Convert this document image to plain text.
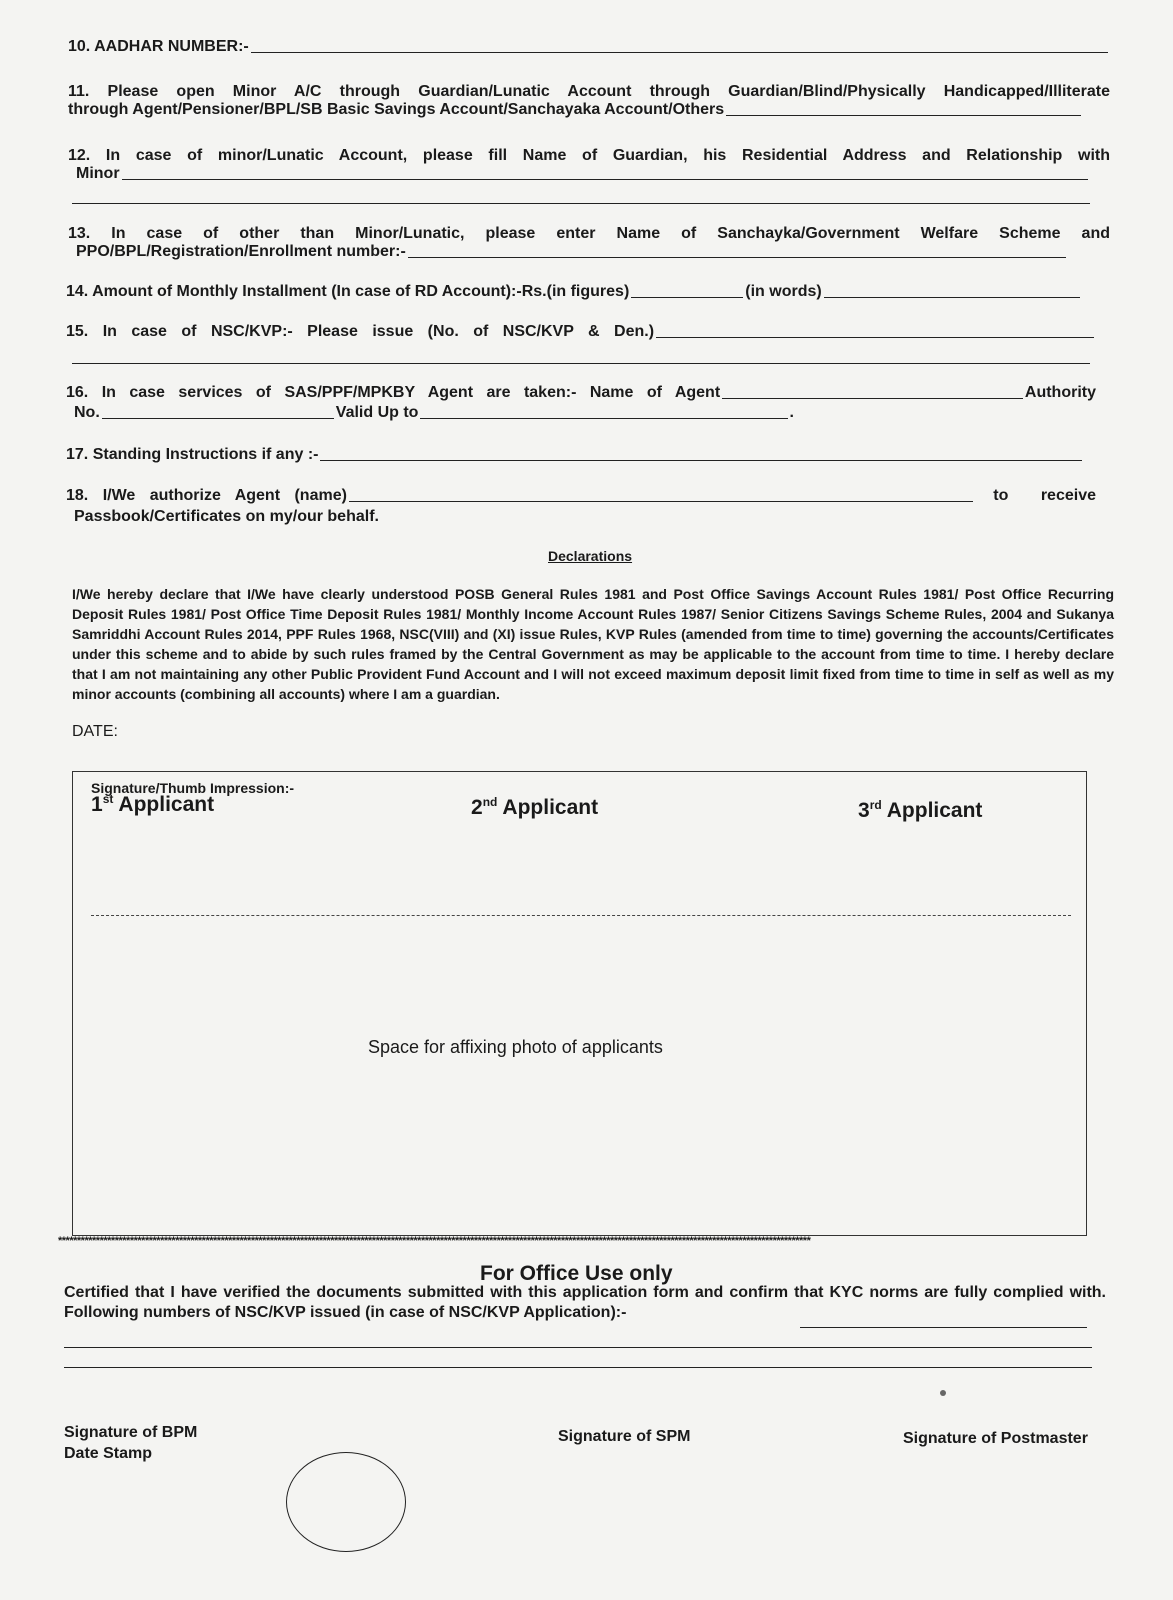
10. AADHAR NUMBER:-
11. Please open Minor A/C through Guardian/Lunatic Account through Guardian/Blind/Physically Handicapped/Illiterate
through Agent/Pensioner/BPL/SB Basic Savings Account/Sanchayaka Account/Others
12. In case of minor/Lunatic Account, please fill Name of Guardian, his Residential Address and Relationship with
Minor
13. In case of other than Minor/Lunatic, please enter Name of Sanchayka/Government Welfare Scheme and
PPO/BPL/Registration/Enrollment number:-
14. Amount of Monthly Installment (In case of RD Account):-Rs.(in figures)	(in words)
15. In case of NSC/KVP:- Please issue (No. of NSC/KVP & Den.)
16. In case services of SAS/PPF/MPKBY Agent are taken:- Name of Agent	Authority
No.	Valid Up to	.
17. Standing Instructions if any :-
18. I/We authorize Agent (name)	to receive
Passbook/Certificates on my/our behalf.
Declarations
I/We hereby declare that I/We have clearly understood POSB General Rules 1981 and Post Office Savings Account Rules 1981/ Post Office Recurring Deposit Rules 1981/ Post Office Time Deposit Rules 1981/ Monthly Income Account Rules 1987/ Senior Citizens Savings Scheme Rules, 2004 and Sukanya Samriddhi Account Rules 2014, PPF Rules 1968, NSC(VIII) and (XI) issue Rules, KVP Rules (amended from time to time) governing the accounts/Certificates under this scheme and to abide by such rules framed by the Central Government as may be applicable to the account from time to time. I hereby declare that I am not maintaining any other Public Provident Fund Account and I will not exceed maximum deposit limit fixed from time to time in self as well as my minor accounts (combining all accounts) where I am a guardian.
DATE:
Signature/Thumb Impression:-
1st Applicant	2nd Applicant	3rd Applicant
Space for affixing photo of applicants
*******************************************************************************************************************************************************************************************************
For Office Use only
Certified that I have verified the documents submitted with this application form and confirm that KYC norms are fully complied with. Following numbers of NSC/KVP issued (in case of NSC/KVP Application):-
Signature of BPM
Date Stamp
Signature of SPM	Signature of Postmaster
